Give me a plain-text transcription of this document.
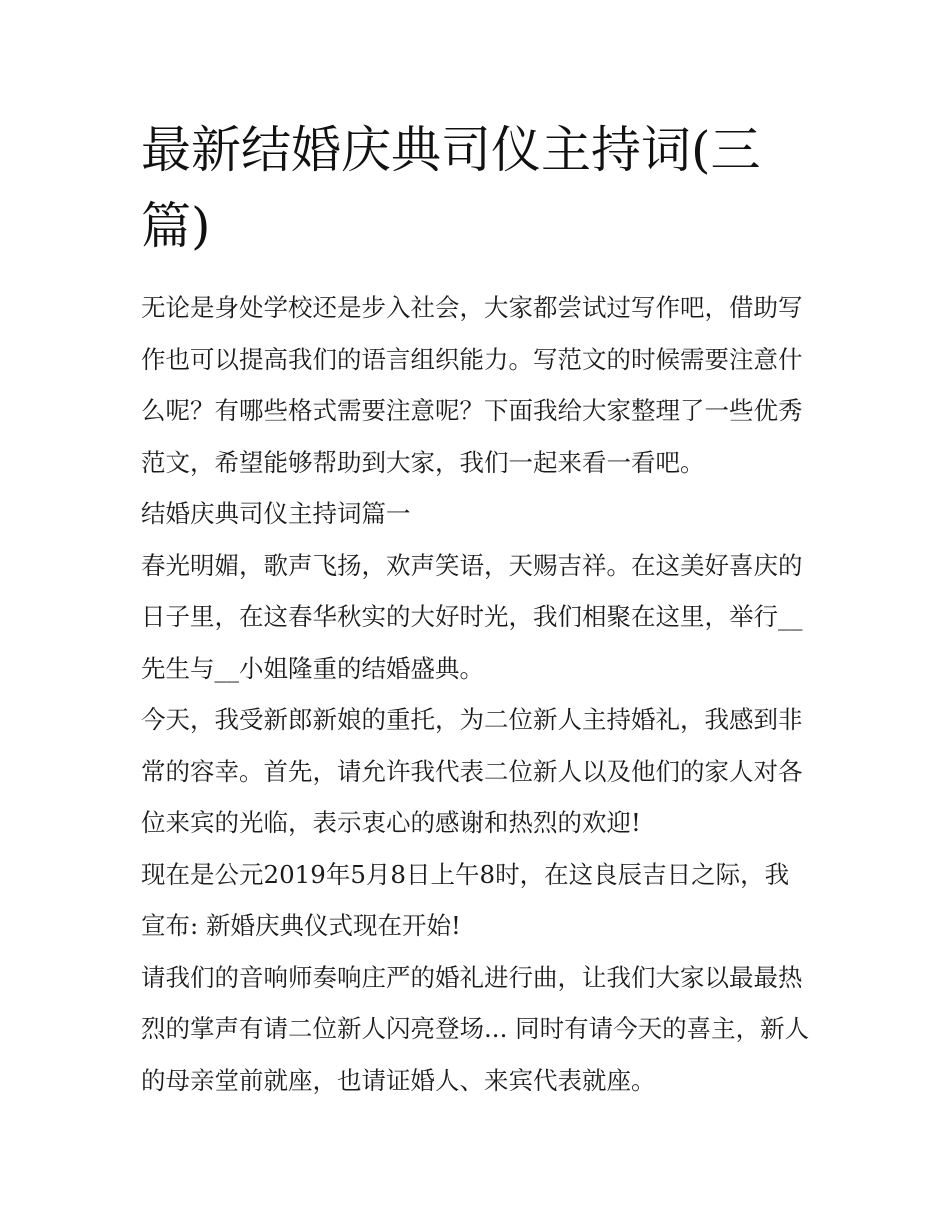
最新结婚庆典司仪主持词(三篇)

无论是身处学校还是步入社会，大家都尝试过写作吧，借助写作也可以提高我们的语言组织能力。写范文的时候需要注意什么呢？有哪些格式需要注意呢？下面我给大家整理了一些优秀范文，希望能够帮助到大家，我们一起来看一看吧。

结婚庆典司仪主持词篇一

春光明媚，歌声飞扬，欢声笑语，天赐吉祥。在这美好喜庆的日子里，在这春华秋实的大好时光，我们相聚在这里，举行__先生与__小姐隆重的结婚盛典。

今天，我受新郎新娘的重托，为二位新人主持婚礼，我感到非常的容幸。首先，请允许我代表二位新人以及他们的家人对各位来宾的光临，表示衷心的感谢和热烈的欢迎!

现在是公元2019年5月8日上午8时，在这良辰吉日之际，我宣布: 新婚庆典仪式现在开始!

请我们的音响师奏响庄严的婚礼进行曲，让我们大家以最最热烈的掌声有请二位新人闪亮登场... 同时有请今天的喜主，新人的母亲堂前就座，也请证婚人、来宾代表就座。
